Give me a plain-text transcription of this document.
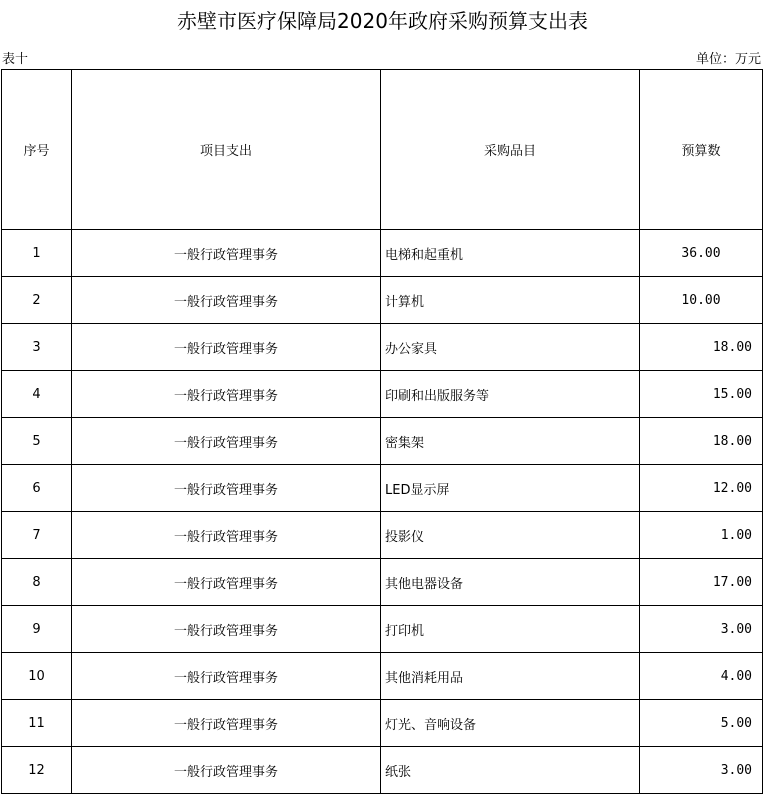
赤壁市医疗保障局2020年政府采购预算支出表
表十	单位：万元
序号	项目支出	采购品目	预算数
1	一般行政管理事务	电梯和起重机	36.00
2	一般行政管理事务	计算机	10.00
3	一般行政管理事务	办公家具	18.00
4	一般行政管理事务	印刷和出版服务等	15.00
5	一般行政管理事务	密集架	18.00
6	一般行政管理事务	LED显示屏	12.00
7	一般行政管理事务	投影仪	1.00
8	一般行政管理事务	其他电器设备	17.00
9	一般行政管理事务	打印机	3.00
10	一般行政管理事务	其他消耗用品	4.00
11	一般行政管理事务	灯光、音响设备	5.00
12	一般行政管理事务	纸张	3.00
